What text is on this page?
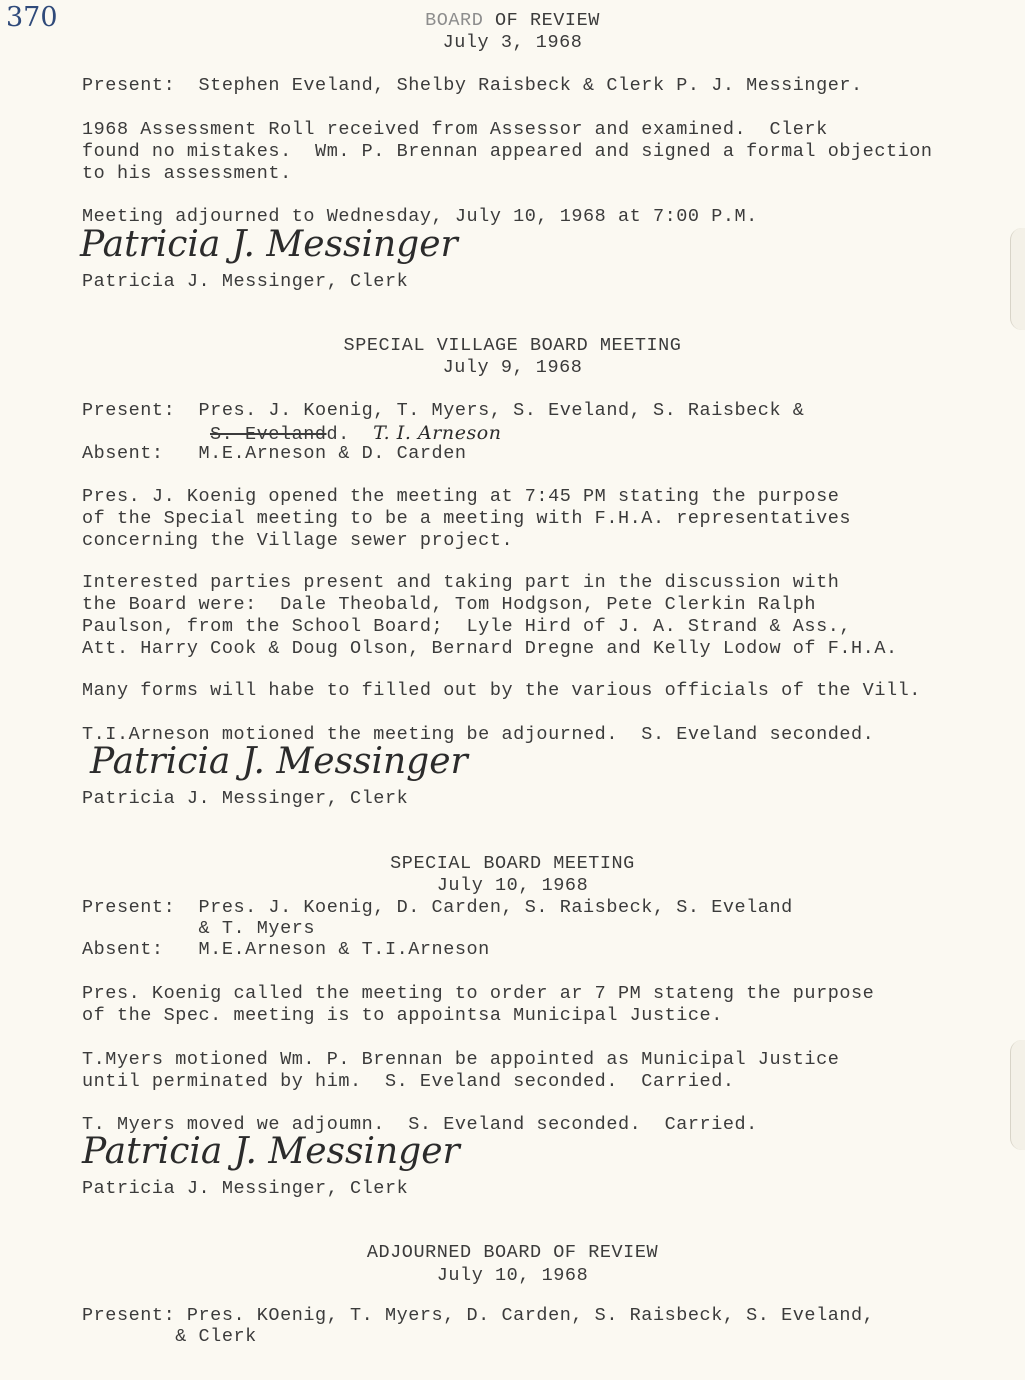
370	BOARD OF REVIEW
July 3, 1968
Present:  Stephen Eveland, Shelby Raisbeck & Clerk P. J. Messinger.
1968 Assessment Roll received from Assessor and examined.  Clerk
found no mistakes.  Wm. P. Brennan appeared and signed a formal objection
to his assessment.
Meeting adjourned to Wednesday, July 10, 1968 at 7:00 P.M.
Patricia J. Messinger
Patricia J. Messinger, Clerk
SPECIAL VILLAGE BOARD MEETING
July 9, 1968
Present:  Pres. J. Koenig, T. Myers, S. Eveland, S. Raisbeck &
S. Evelandd. T. I. Arneson
Absent:   M.E.Arneson & D. Carden
Pres. J. Koenig opened the meeting at 7:45 PM stating the purpose
of the Special meeting to be a meeting with F.H.A. representatives
concerning the Village sewer project.
Interested parties present and taking part in the discussion with
the Board were:  Dale Theobald, Tom Hodgson, Pete Clerkin Ralph
Paulson, from the School Board;  Lyle Hird of J. A. Strand & Ass.,
Att. Harry Cook & Doug Olson, Bernard Dregne and Kelly Lodow of F.H.A.
Many forms will habe to filled out by the various officials of the Vill.
T.I.Arneson motioned the meeting be adjourned.  S. Eveland seconded.
Patricia J. Messinger
Patricia J. Messinger, Clerk
SPECIAL BOARD MEETING
July 10, 1968
Present:  Pres. J. Koenig, D. Carden, S. Raisbeck, S. Eveland
& T. Myers
Absent:   M.E.Arneson & T.I.Arneson
Pres. Koenig called the meeting to order ar 7 PM stateng the purpose
of the Spec. meeting is to appointsa Municipal Justice.
T.Myers motioned Wm. P. Brennan be appointed as Municipal Justice
until perminated by him.  S. Eveland seconded.  Carried.
T. Myers moved we adjoumn.  S. Eveland seconded.  Carried.
Patricia J. Messinger
Patricia J. Messinger, Clerk
ADJOURNED BOARD OF REVIEW
July 10, 1968
Present: Pres. KOenig, T. Myers, D. Carden, S. Raisbeck, S. Eveland,
& Clerk
